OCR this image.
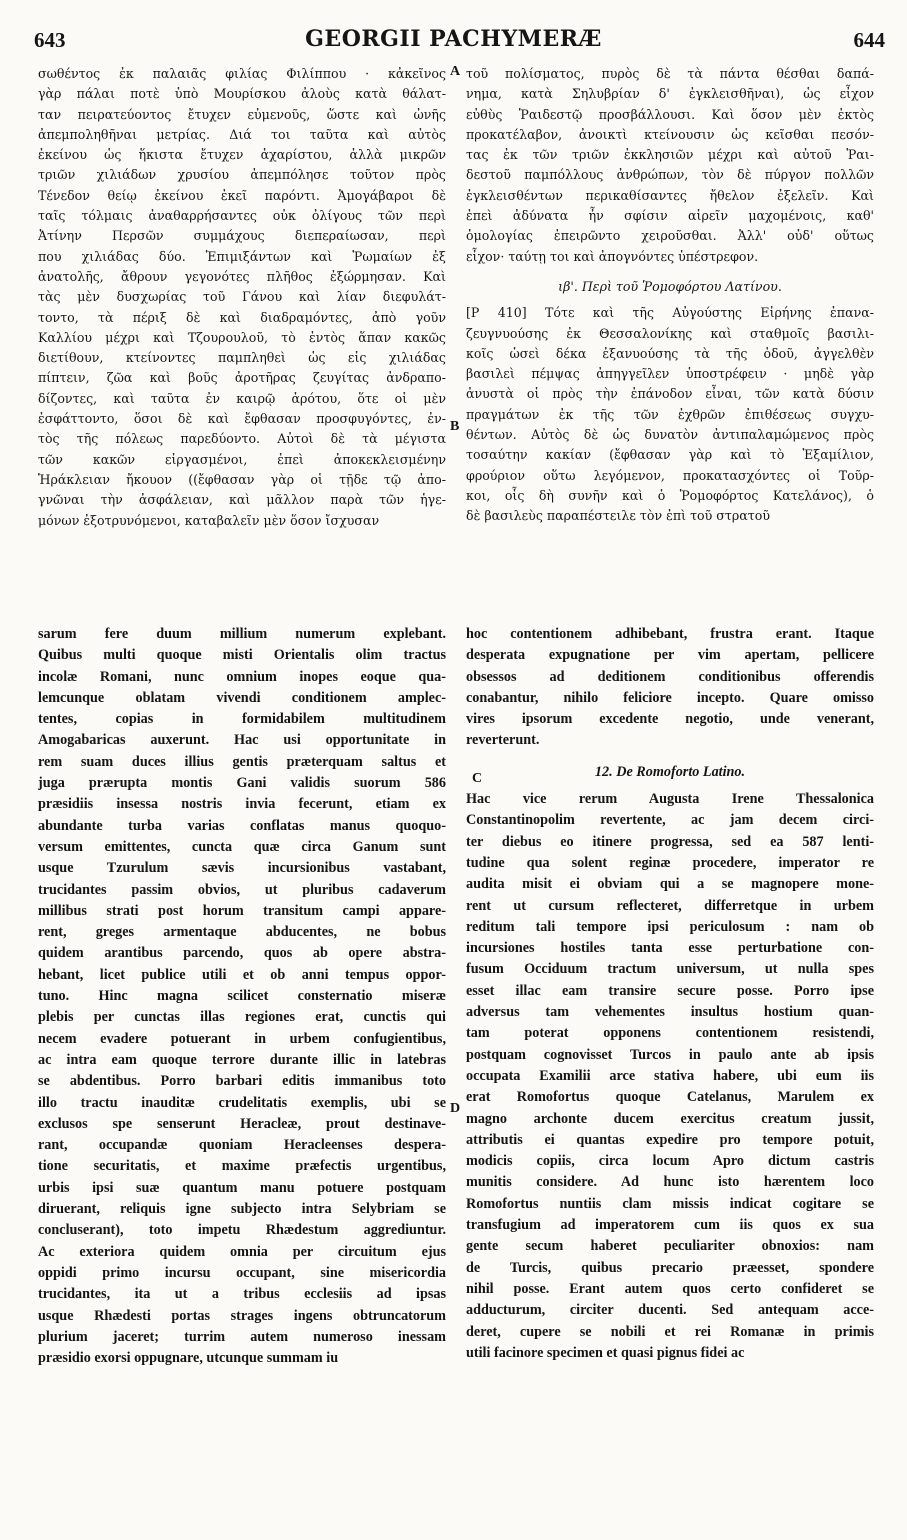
643	GEORGII PACHYMERÆ	644
σωθέντος ἐκ παλαιᾶς φιλίας Φιλίππου · κἀκεῖνος
γὰρ πάλαι ποτὲ ὑπὸ Μουρίσκου ἀλοὺς κατὰ θάλατ-
ταν πειρατεύοντος ἔτυχεν εὐμενοῦς, ὥστε καὶ ὠνῆς
ἀπεμποληθῆναι μετρίας. Διά τοι ταῦτα καὶ αὐτὸς
ἐκείνου ὡς ἥκιστα ἔτυχεν ἀχαρίστου, ἀλλὰ μικρῶν
τριῶν χιλιάδων χρυσίου ἀπεμπόλησε τοῦτον πρὸς
Τένεδον θείῳ ἐκείνου ἐκεῖ παρόντι. Ἀμογάβαροι δὲ
ταῖς τόλμαις ἀναθαρρήσαντες οὐκ ὀλίγους τῶν περὶ
Ἀτίνην Περσῶν συμμάχους διεπεραίωσαν, περὶ
που χιλιάδας δύο. Ἐπιμιξάντων καὶ Ῥωμαίων ἐξ
ἀνατολῆς, ἄθρουν γεγονότες πλῆθος ἐξώρμησαν. Καὶ
τὰς μὲν δυσχωρίας τοῦ Γάνου καὶ λίαν διεφυλάτ-
τοντο, τὰ πέριξ δὲ καὶ διαδραμόντες, ἀπὸ γοῦν
Καλλίου μέχρι καὶ Τζουρουλοῦ, τὸ ἐντὸς ἅπαν κακῶς
διετίθουν, κτείνοντες παμπληθεὶ ὡς εἰς χιλιάδας
πίπτειν, ζῶα καὶ βοῦς ἀροτῆρας ζευγίτας ἀνδραπο-
δίζοντες, καὶ ταῦτα ἐν καιρῷ ἀρότου, ὅτε οἱ μὲν
ἐσφάττοντο, ὅσοι δὲ καὶ ἔφθασαν προσφυγόντες, ἐν-
τὸς τῆς πόλεως παρεδύοντο. Αὐτοὶ δὲ τὰ μέγιστα
τῶν κακῶν εἰργασμένοι, ἐπεὶ ἀποκεκλεισμένην
Ἡράκλειαν ἤκουον ((ἔφθασαν γὰρ οἱ τῇδε τῷ ἀπο-
γνῶναι τὴν ἀσφάλειαν, καὶ μᾶλλον παρὰ τῶν ἡγε-
μόνων ἐξοτρυνόμενοι, καταβαλεῖν μὲν ὅσον ἴσχυσαν
τοῦ πολίσματος, πυρὸς δὲ τὰ πάντα θέσθαι δαπά-
νημα, κατὰ Σηλυβρίαν δ' ἐγκλεισθῆναι), ὡς εἶχον
εὐθὺς Ῥαιδεστῷ προσβάλλουσι. Καὶ ὅσον μὲν ἐκτὸς
προκατέλαβον, ἀνοικτὶ κτείνουσιν ὡς κεῖσθαι πεσόν-
τας ἐκ τῶν τριῶν ἐκκλησιῶν μέχρι καὶ αὐτοῦ Ῥαι-
δεστοῦ παμπόλλους ἀνθρώπων, τὸν δὲ πύργον πολλῶν
ἐγκλεισθέντων περικαθίσαντες ἤθελον ἐξελεῖν. Καὶ
ἐπεὶ ἀδύνατα ἦν σφίσιν αἱρεῖν μαχομένοις, καθ'
ὁμολογίας ἐπειρῶντο χειροῦσθαι. Ἀλλ' οὐδ' οὕτως
εἶχον· ταύτῃ τοι καὶ ἀπογνόντες ὑπέστρεφον.
ιβ'. Περὶ τοῦ Ῥομοφόρτου Λατίνου.
[P 410] Τότε καὶ τῆς Αὐγούστης Εἰρήνης ἐπανα-
ζευγνυούσης ἐκ Θεσσαλονίκης καὶ σταθμοῖς βασιλι-
κοῖς ὡσεὶ δέκα ἐξανυούσης τὰ τῆς ὁδοῦ, ἀγγελθὲν
βασιλεὶ πέμψας ἀπηγγεῖλεν ὑποστρέφειν · μηδὲ γὰρ
ἀνυστὰ οἱ πρὸς τὴν ἐπάνοδον εἶναι, τῶν κατὰ δύσιν
πραγμάτων ἐκ τῆς τῶν ἐχθρῶν ἐπιθέσεως συγχυ-
θέντων. Αὐτὸς δὲ ὡς δυνατὸν ἀντιπαλαμώμενος πρὸς
τοσαύτην κακίαν (ἔφθασαν γὰρ καὶ τὸ Ἐξαμίλιον,
φρούριον οὕτω λεγόμενον, προκατασχόντες οἱ Τοῦρ-
κοι, οἷς δὴ συνῆν καὶ ὁ Ῥομοφόρτος Κατελάνος), ὁ
δὲ βασιλεὺς παραπέστειλε τὸν ἐπὶ τοῦ στρατοῦ
sarum fere duum millium numerum explebant.
Quibus multi quoque misti Orientalis olim tractus
incolæ Romani, nunc omnium inopes eoque qua-
lemcunque oblatam vivendi conditionem amplec-
tentes, copias in formidabilem multitudinem
Amogabaricas auxerunt. Hac usi opportunitate in
rem suam duces illius gentis præterquam saltus et
juga prærupta montis Gani validis suorum 586
præsidiis insessa nostris invia fecerunt, etiam ex
abundante turba varias conflatas manus quoquo-
versum emittentes, cuncta quæ circa Ganum sunt
usque Tzurulum sævis incursionibus vastabant,
trucidantes passim obvios, ut pluribus cadaverum
millibus strati post horum transitum campi appare-
rent, greges armentaque abducentes, ne bobus
quidem arantibus parcendo, quos ab opere abstra-
hebant, licet publice utili et ob anni tempus oppor-
tuno. Hinc magna scilicet consternatio miseræ
plebis per cunctas illas regiones erat, cunctis qui
necem evadere potuerant in urbem confugientibus,
ac intra eam quoque terrore durante illic in latebras
se abdentibus. Porro barbari editis immanibus toto
illo tractu inauditæ crudelitatis exemplis, ubi se
exclusos spe senserunt Heracleæ, prout destinave-
rant, occupandæ quoniam Heracleenses despera-
tione securitatis, et maxime præfectis urgentibus,
urbis ipsi suæ quantum manu potuere postquam
diruerant, reliquis igne subjecto intra Selybriam se
concluserant), toto impetu Rhædestum aggrediuntur.
Ac exteriora quidem omnia per circuitum ejus
oppidi primo incursu occupant, sine misericordia
trucidantes, ita ut a tribus ecclesiis ad ipsas
usque Rhædesti portas strages ingens obtruncatorum
plurium jaceret; turrim autem numeroso inessam
præsidio exorsi oppugnare, utcunque summam iu
hoc contentionem adhibebant, frustra erant. Itaque
desperata expugnatione per vim apertam, pellicere
obsessos ad deditionem conditionibus offerendis
conabantur, nihilo feliciore incepto. Quare omisso
vires ipsorum excedente negotio, unde venerant,
reverterunt.
12. De Romoforto Latino.
Hac vice rerum Augusta Irene Thessalonica
Constantinopolim revertente, ac jam decem circi-
ter diebus eo itinere progressa, sed ea 587 lenti-
tudine qua solent reginæ procedere, imperator re
audita misit ei obviam qui a se magnopere mone-
rent ut cursum reflecteret, differretque in urbem
reditum tali tempore ipsi periculosum : nam ob
incursiones hostiles tanta esse perturbatione con-
fusum Occiduum tractum universum, ut nulla spes
esset illac eam transire secure posse. Porro ipse
adversus tam vehementes insultus hostium quan-
tam poterat opponens contentionem resistendi,
postquam cognovisset Turcos in paulo ante ab ipsis
occupata Examilii arce stativa habere, ubi eum iis
erat Romofortus quoque Catelanus, Marulem ex
magno archonte ducem exercitus creatum jussit,
attributis ei quantas expedire pro tempore potuit,
modicis copiis, circa locum Apro dictum castris
munitis considere. Ad hunc isto hærentem loco
Romofortus nuntiis clam missis indicat cogitare se
transfugium ad imperatorem cum iis quos ex sua
gente secum haberet peculiariter obnoxios: nam
de Turcis, quibus precario præesset, spondere
nihil posse. Erant autem quos certo confideret se
adducturum, circiter ducenti. Sed antequam acce-
deret, cupere se nobili et rei Romanæ in primis
utili facinore specimen et quasi pignus fidei ac
A
B
C
D
